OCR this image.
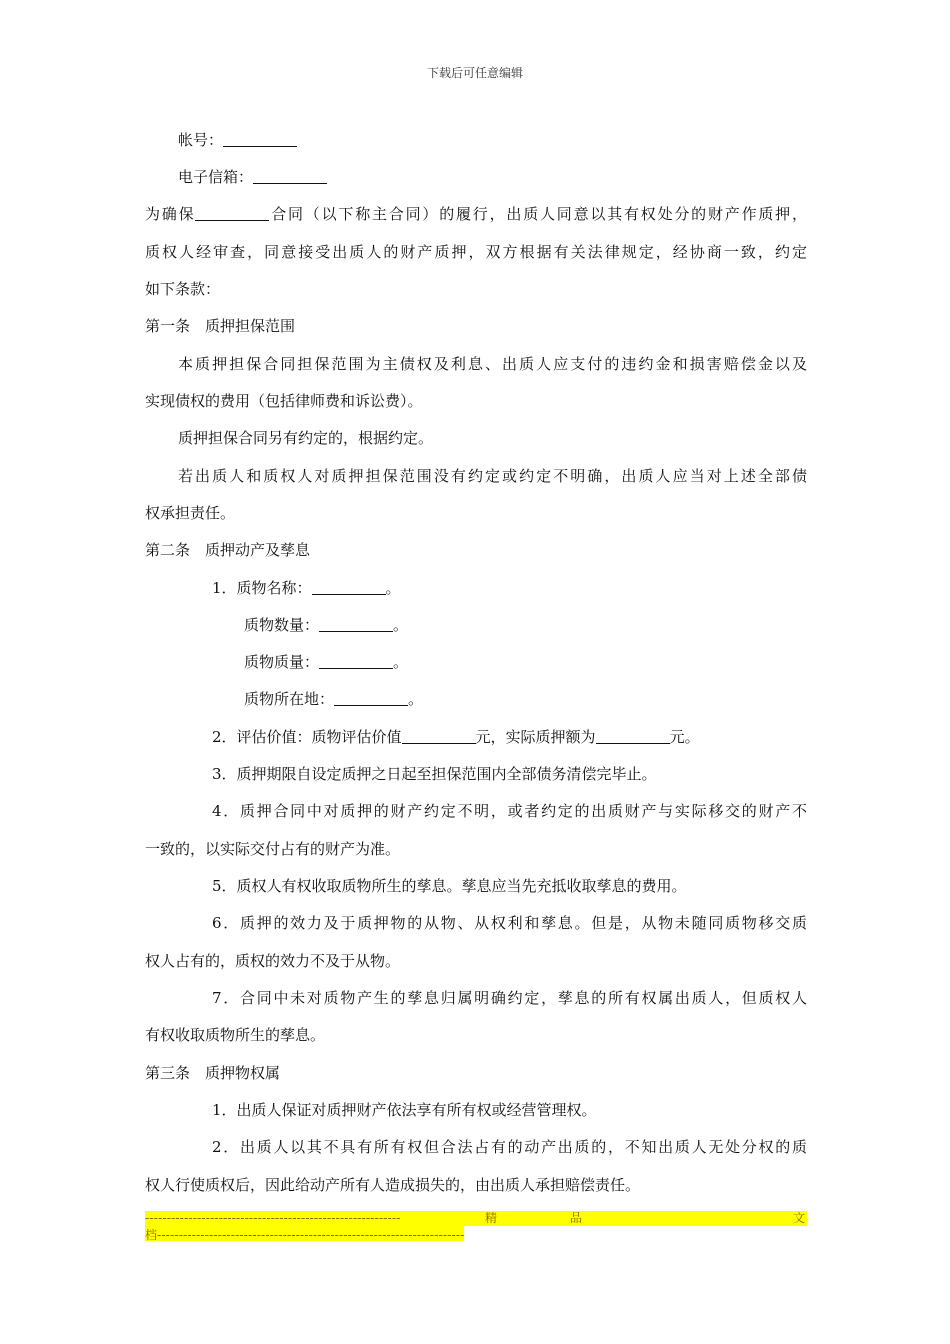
下载后可任意编辑
帐号：
电子信箱：
为确保	合同（以下称主合同）的履行，出质人同意以其有权处分的财产作质押，
质权人经审查，同意接受出质人的财产质押，双方根据有关法律规定，经协商一致，约定
如下条款：
第一条　质押担保范围
本质押担保合同担保范围为主债权及利息、出质人应支付的违约金和损害赔偿金以及
实现债权的费用（包括律师费和诉讼费）。
质押担保合同另有约定的，根据约定。
若出质人和质权人对质押担保范围没有约定或约定不明确，出质人应当对上述全部债
权承担责任。
第二条　质押动产及孳息
1．质物名称：	。
质物数量：	。
质物质量：	。
质物所在地：	。
2．评估价值：质物评估价值	元，实际质押额为	元。
3．质押期限自设定质押之日起至担保范围内全部债务清偿完毕止。
4．质押合同中对质押的财产约定不明，或者约定的出质财产与实际移交的财产不
一致的，以实际交付占有的财产为准。
5．质权人有权收取质物所生的孳息。孳息应当先充抵收取孳息的费用。
6．质押的效力及于质押物的从物、从权利和孳息。但是，从物未随同质物移交质
权人占有的，质权的效力不及于从物。
7．合同中未对质物产生的孳息归属明确约定，孳息的所有权属出质人，但质权人
有权收取质物所生的孳息。
第三条　质押物权属
1．出质人保证对质押财产依法享有所有权或经营管理权。
2．出质人以其不具有所有权但合法占有的动产出质的，不知出质人无处分权的质
权人行使质权后，因此给动产所有人造成损失的，由出质人承担赔偿责任。
-----------------------------------------------------------	精	品	文
档-----------------------------------------------------------------------
